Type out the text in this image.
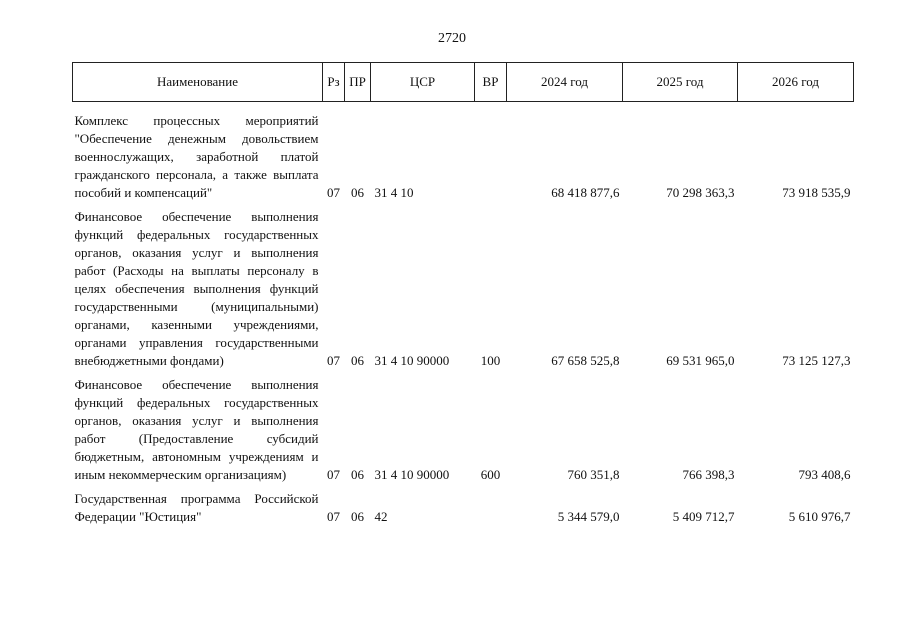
2720
Наименование	Рз	ПР	ЦСР	ВР	2024 год	2025 год	2026 год
Комплекс процессных мероприятий "Обеспечение денежным довольствием военнослужащих, заработной платой гражданского персонала, а также выплата пособий и компенсаций"	07	06	31 4 10		68 418 877,6	70 298 363,3	73 918 535,9
Финансовое обеспечение выполнения функций федеральных государственных органов, оказания услуг и выполнения работ (Расходы на выплаты персоналу в целях обеспечения выполнения функций государственными (муниципальными) органами, казенными учреждениями, органами управления государственными внебюджетными фондами)	07	06	31 4 10 90000	100	67 658 525,8	69 531 965,0	73 125 127,3
Финансовое обеспечение выполнения функций федеральных государственных органов, оказания услуг и выполнения работ (Предоставление субсидий бюджетным, автономным учреждениям и иным некоммерческим организациям)	07	06	31 4 10 90000	600	760 351,8	766 398,3	793 408,6
Государственная программа Российской Федерации "Юстиция"	07	06	42		5 344 579,0	5 409 712,7	5 610 976,7
